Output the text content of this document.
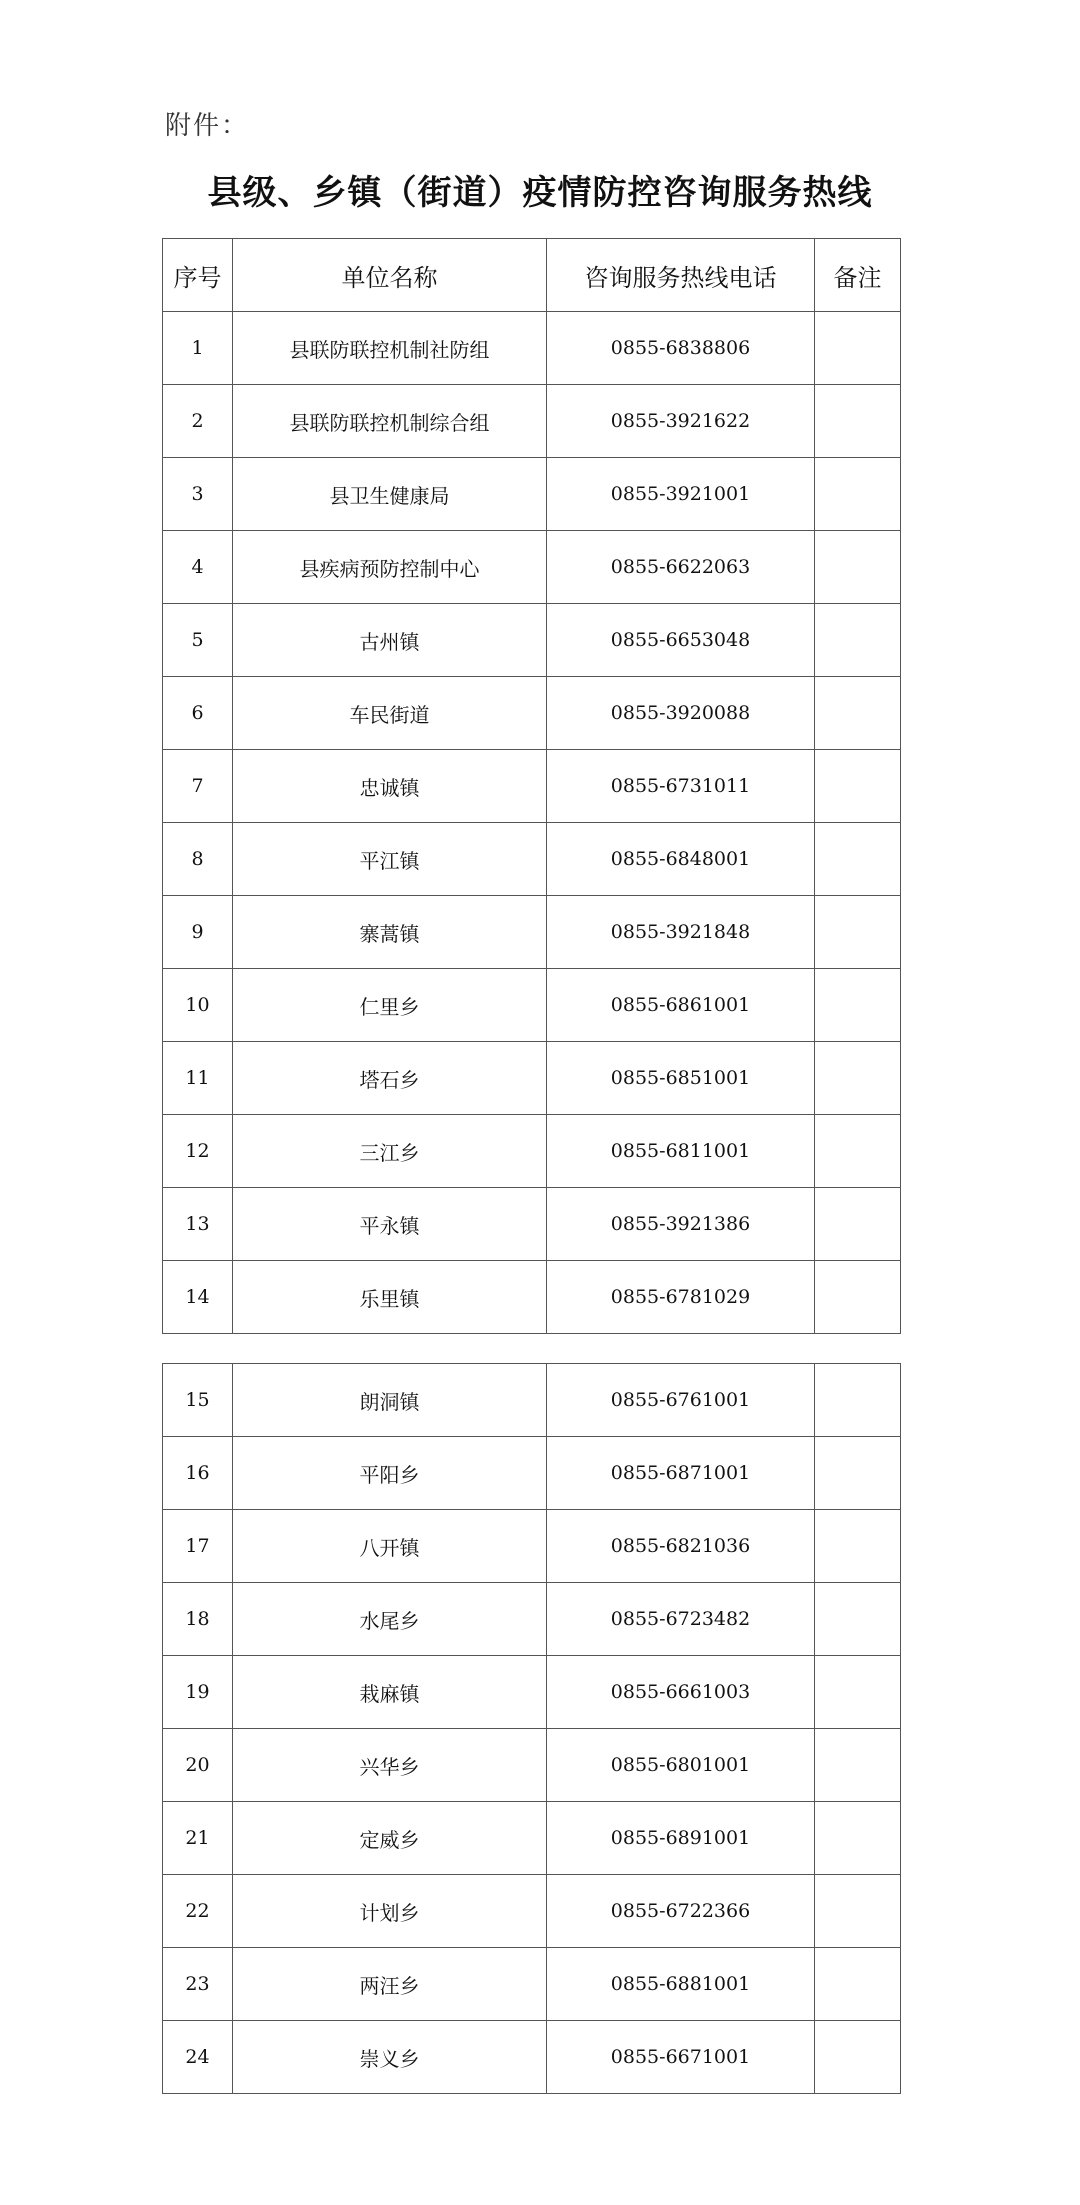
附件：
县级、乡镇（街道）疫情防控咨询服务热线
序号	单位名称	咨询服务热线电话	备注
1	县联防联控机制社防组	0855-6838806	
2	县联防联控机制综合组	0855-3921622	
3	县卫生健康局	0855-3921001	
4	县疾病预防控制中心	0855-6622063	
5	古州镇	0855-6653048	
6	车民街道	0855-3920088	
7	忠诚镇	0855-6731011	
8	平江镇	0855-6848001	
9	寨蒿镇	0855-3921848	
10	仁里乡	0855-6861001	
11	塔石乡	0855-6851001	
12	三江乡	0855-6811001	
13	平永镇	0855-3921386	
14	乐里镇	0855-6781029	
15	朗洞镇	0855-6761001	
16	平阳乡	0855-6871001	
17	八开镇	0855-6821036	
18	水尾乡	0855-6723482	
19	栽麻镇	0855-6661003	
20	兴华乡	0855-6801001	
21	定威乡	0855-6891001	
22	计划乡	0855-6722366	
23	两汪乡	0855-6881001	
24	崇义乡	0855-6671001	
